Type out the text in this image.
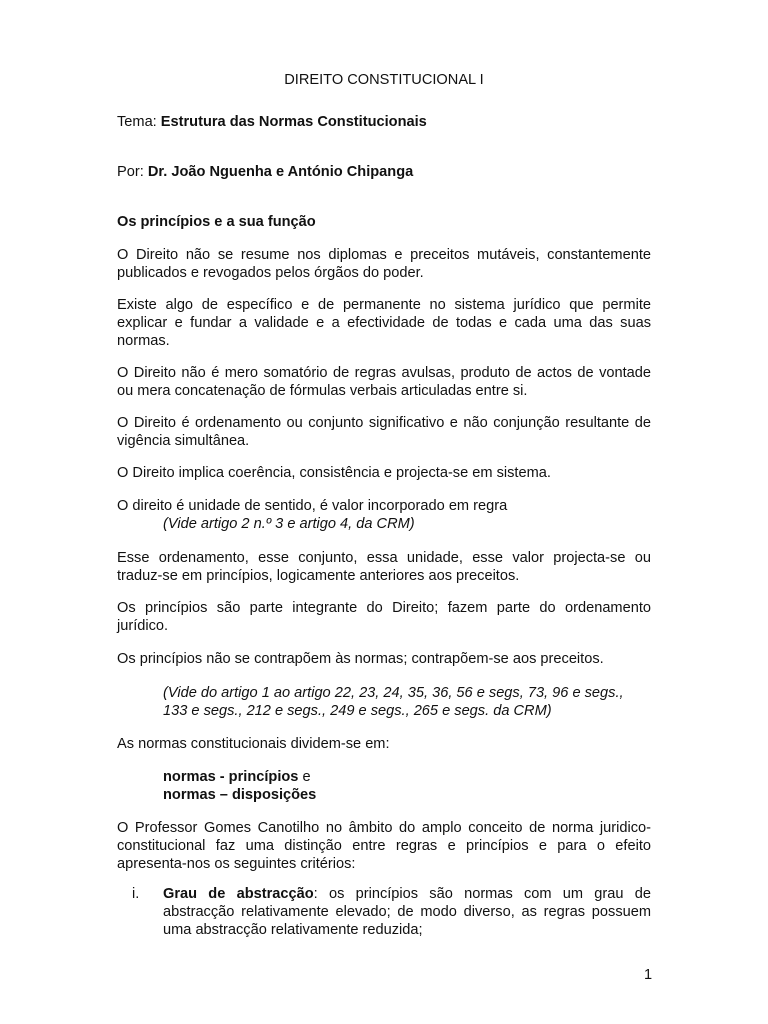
DIREITO CONSTITUCIONAL I

Tema: Estrutura das Normas Constitucionais

Por: Dr. João Nguenha e António Chipanga

Os princípios e a sua função

O Direito não se resume nos diplomas e preceitos mutáveis, constantemente publicados e revogados pelos órgãos do poder.

Existe algo de específico e de permanente no sistema jurídico que permite explicar e fundar a validade e a efectividade de todas e cada uma das suas normas.

O Direito não é mero somatório de regras avulsas, produto de actos de vontade ou mera concatenação de fórmulas verbais articuladas entre si.

O Direito é ordenamento ou conjunto significativo e não conjunção resultante de vigência simultânea.

O Direito implica coerência, consistência e projecta-se em sistema.

O direito é unidade de sentido, é valor incorporado em regra

(Vide artigo 2 n.º 3 e artigo 4, da CRM)

Esse ordenamento, esse conjunto, essa unidade, esse valor projecta-se ou traduz-se em princípios, logicamente anteriores aos preceitos.

Os princípios são parte integrante do Direito; fazem parte do ordenamento jurídico.

Os princípios não se contrapõem às normas; contrapõem-se aos preceitos.

(Vide do artigo 1 ao artigo 22, 23, 24, 35, 36, 56 e segs, 73, 96 e segs.,

133 e segs., 212 e segs., 249 e segs., 265 e segs. da CRM)

As normas constitucionais dividem-se em:

normas - princípios e

normas – disposições

O Professor Gomes Canotilho no âmbito do amplo conceito de norma juridico-constitucional faz uma distinção entre regras e princípios e para o efeito apresenta-nos os seguintes critérios:

i. Grau de abstracção: os princípios são normas com um grau de abstracção relativamente elevado; de modo diverso, as regras possuem uma abstracção relativamente reduzida;

1
